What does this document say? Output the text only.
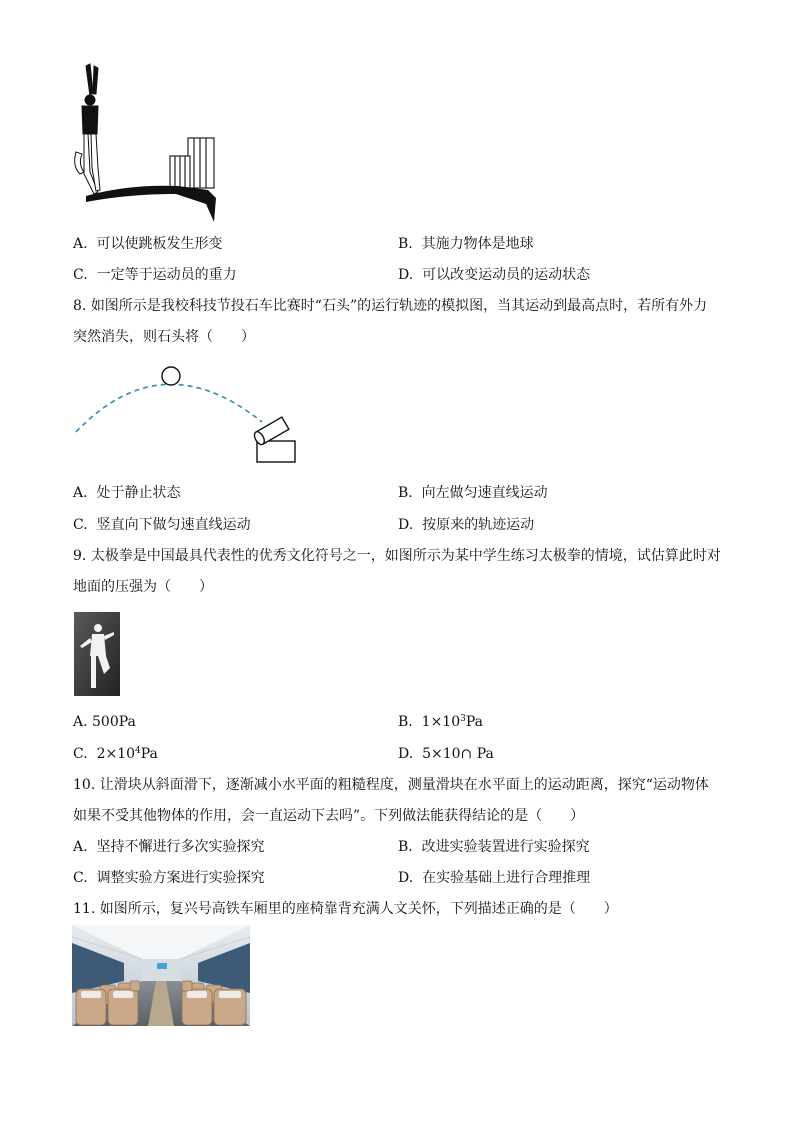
A. 可以使跳板发生形变	B. 其施力物体是地球
C. 一定等于运动员的重力	D. 可以改变运动员的运动状态
8. 如图所示是我校科技节投石车比赛时“石头”的运行轨迹的模拟图，当其运动到最高点时，若所有外力
突然消失，则石头将（　　）
A. 处于静止状态	B. 向左做匀速直线运动
C. 竖直向下做匀速直线运动	D. 按原来的轨迹运动
9. 太极拳是中国最具代表性的优秀文化符号之一，如图所示为某中学生练习太极拳的情境，试估算此时对
地面的压强为（　　）
A. 500Pa	B. $1\times 10^3Pa$
C. $2\times 10^4Pa$	D. 5×10∩ Pa
10. 让滑块从斜面滑下，逐渐减小水平面的粗糙程度，测量滑块在水平面上的运动距离，探究“运动物体
如果不受其他物体的作用，会一直运动下去吗”。下列做法能获得结论的是（　　）
A. 坚持不懈进行多次实验探究	B. 改进实验装置进行实验探究
C. 调整实验方案进行实验探究	D. 在实验基础上进行合理推理
11. 如图所示，复兴号高铁车厢里的座椅靠背充满人文关怀，下列描述正确的是（　　）
